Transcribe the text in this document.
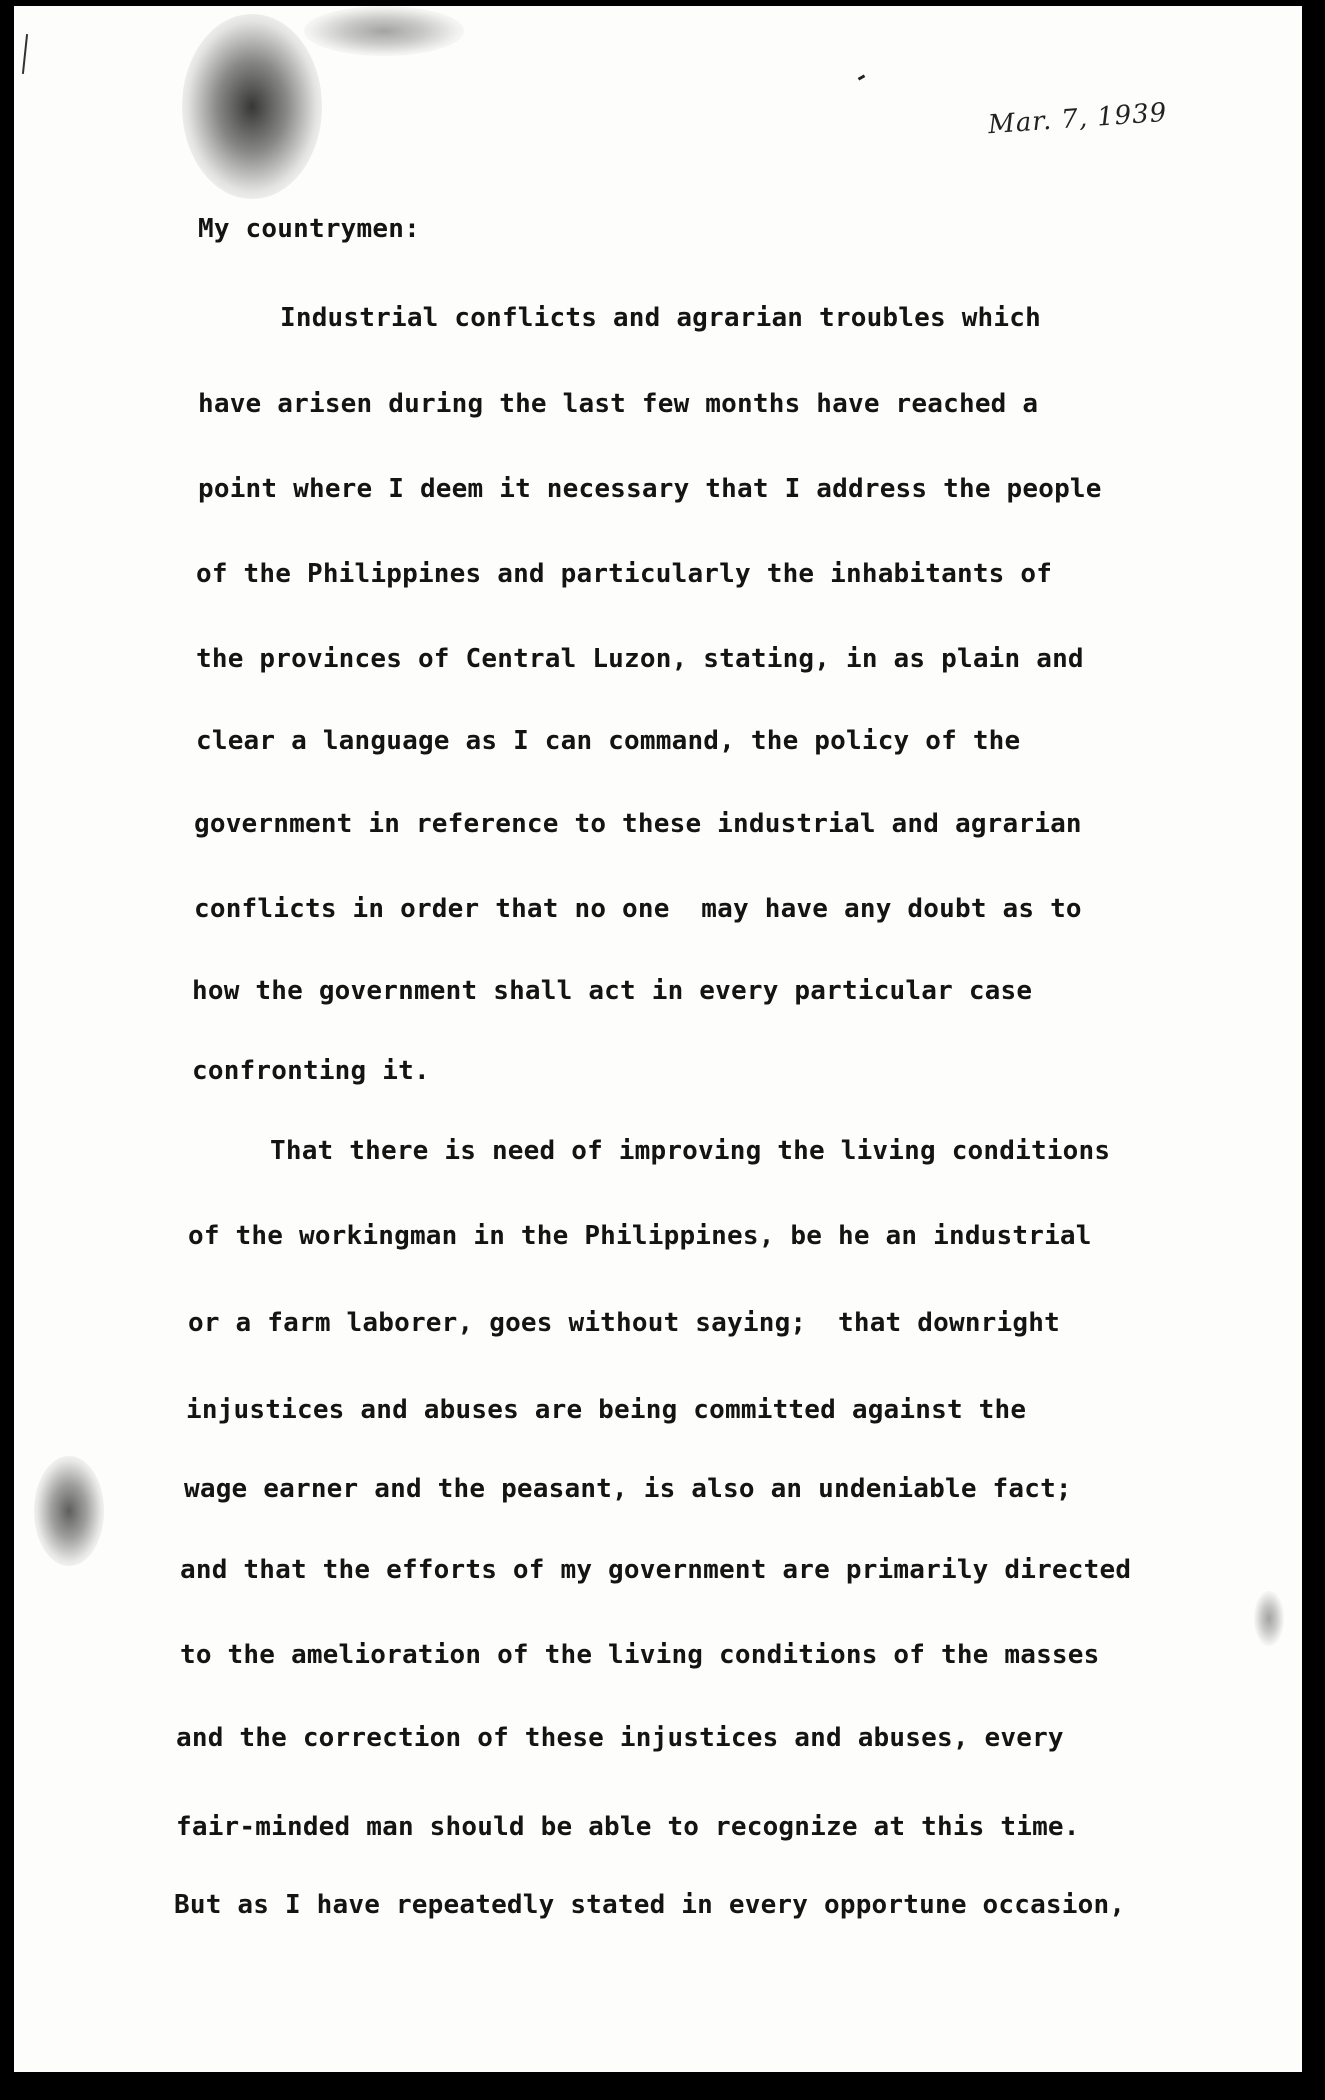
Mar. 7, 1939
My countrymen:
Industrial conflicts and agrarian troubles which
have arisen during the last few months have reached a
point where I deem it necessary that I address the people
of the Philippines and particularly the inhabitants of
the provinces of Central Luzon, stating, in as plain and
clear a language as I can command, the policy of the
government in reference to these industrial and agrarian
conflicts in order that no one  may have any doubt as to
how the government shall act in every particular case
confronting it.
That there is need of improving the living conditions
of the workingman in the Philippines, be he an industrial
or a farm laborer, goes without saying;  that downright
injustices and abuses are being committed against the
wage earner and the peasant, is also an undeniable fact;
and that the efforts of my government are primarily directed
to the amelioration of the living conditions of the masses
and the correction of these injustices and abuses, every
fair-minded man should be able to recognize at this time.
But as I have repeatedly stated in every opportune occasion,
